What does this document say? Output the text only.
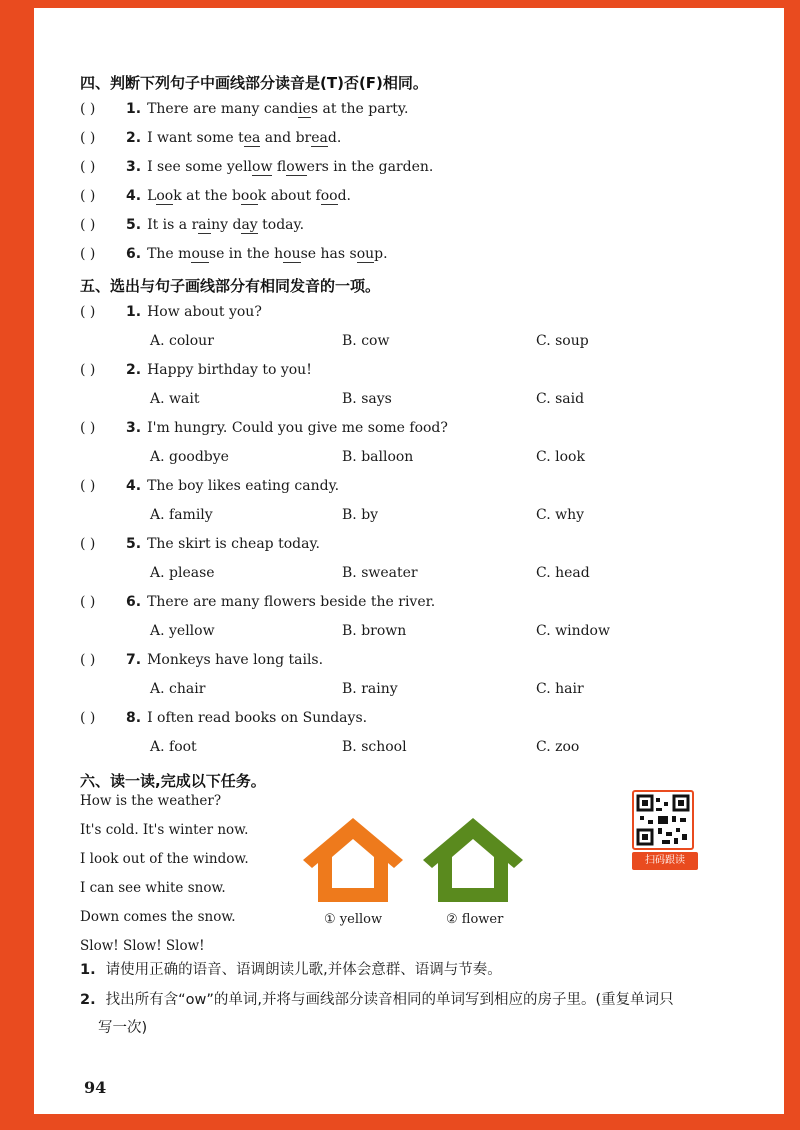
四、判断下列句子中画线部分读音是(T)否(F)相同。
( ) 1. There are many candies at the party.
( ) 2. I want some tea and bread.
( ) 3. I see some yellow flowers in the garden.
( ) 4. Look at the book about food.
( ) 5. It is a rainy day today.
( ) 6. The mouse in the house has soup.
五、选出与句子画线部分有相同发音的一项。
( ) 1. How about you?
A. colour	B. cow	C. soup
( ) 2. Happy birthday to you!
A. wait	B. says	C. said
( ) 3. I'm hungry. Could you give me some food?
A. goodbye	B. balloon	C. look
( ) 4. The boy likes eating candy.
A. family	B. by	C. why
( ) 5. The skirt is cheap today.
A. please	B. sweater	C. head
( ) 6. There are many flowers beside the river.
A. yellow	B. brown	C. window
( ) 7. Monkeys have long tails.
A. chair	B. rainy	C. hair
( ) 8. I often read books on Sundays.
A. foot	B. school	C. zoo
六、读一读,完成以下任务。
How is the weather?
It's cold. It's winter now.
I look out of the window.
I can see white snow.
Down comes the snow.
Slow! Slow! Slow!
① yellow	② flower
扫码跟读
1. 请使用正确的语音、语调朗读儿歌,并体会意群、语调与节奏。
2. 找出所有含“ow”的单词,并将与画线部分读音相同的单词写到相应的房子里。(重复单词只
写一次)
94
